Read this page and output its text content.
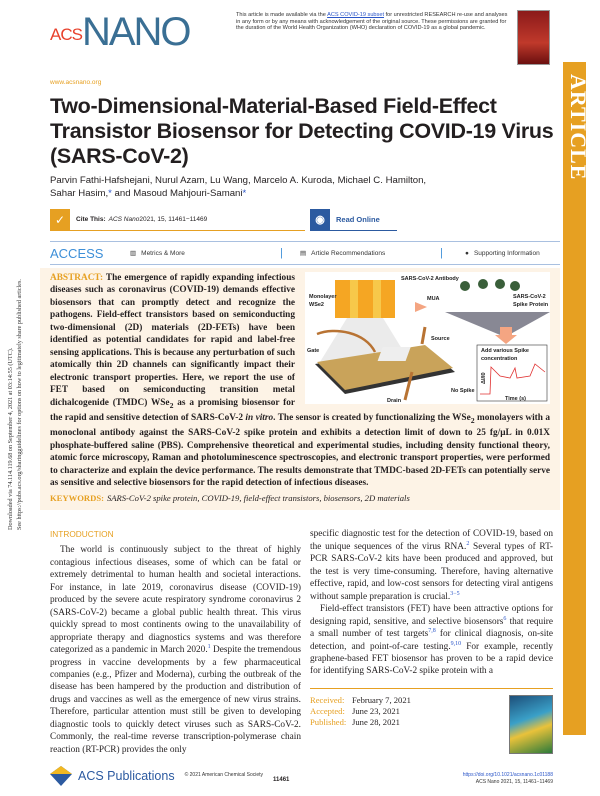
ACSNANO	This article is made available via the ACS COVID-19 subset for unrestricted RESEARCH re-use and analyses in any form or by any means with acknowledgement of the original source. These permissions are granted for the duration of the World Health Organization (WHO) declaration of COVID-19 as a global pandemic.
ARTICLE
Downloaded via 74.114.119.68 on September 4, 2021 at 03:14:55 (UTC). See https://pubs.acs.org/sharingguidelines for options on how to legitimately share published articles.
www.acsnano.org
Two-Dimensional-Material-Based Field-Effect Transistor Biosensor for Detecting COVID-19 Virus (SARS-CoV-2)
Parvin Fathi-Hafshejani, Nurul Azam, Lu Wang, Marcelo A. Kuroda, Michael C. Hamilton,
Sahar Hasim,* and Masoud Mahjouri-Samani*
✓	Cite This: ACS Nano 2021, 15, 11461−11469	◉	Read Online
ACCESS	▥ Metrics & More	|	▤ Article Recommendations	|	● Supporting Information
Monolayer
WSe2
SARS-CoV-2 Antibody
MUA	SARS-CoV-2
Spike Protein
Gate
Source
Drain
Add various Spike
concentration
ΔI/I0
No Spike
Time (s)
ABSTRACT: The emergence of rapidly expanding infectious diseases such as coronavirus (COVID-19) demands effective biosensors that can promptly detect and recognize the pathogens. Field-effect transistors based on semiconducting two-dimensional (2D) materials (2D-FETs) have been identified as potential candidates for rapid and label-free sensing applications. This is because any perturbation of such atomically thin 2D channels can significantly impact their electronic transport properties. Here, we report the use of FET based on semiconducting transition metal dichalcogenide (TMDC) WSe$_2$ as a promising biosensor for the rapid and sensitive detection of SARS-CoV-2 in vitro. The sensor is created by functionalizing the WSe$_2$ monolayers with a monoclonal antibody against the SARS-CoV-2 spike protein and exhibits a detection limit of down to 25 fg/μL in 0.01X phosphate-buffered saline (PBS). Comprehensive theoretical and experimental studies, including density functional theory, atomic force microscopy, Raman and photoluminescence spectroscopies, and electronic transport properties, were performed to characterize and explain the device performance. The results demonstrate that TMDC-based 2D-FETs can potentially serve as sensitive and selective biosensors for the rapid detection of infectious diseases.
KEYWORDS: SARS-CoV-2 spike protein, COVID-19, field-effect transistors, biosensors, 2D materials
INTRODUCTION

The world is continuously subject to the threat of highly contagious infectious diseases, some of which can be fatal or extremely detrimental to human health and societal interactions. For instance, in late 2019, coronavirus disease (COVID-19) produced by the severe acute respiratory syndrome coronavirus 2 (SARS-CoV-2) became a global public health threat. This virus quickly spread to most continents owing to the unavailability of appropriate therapy and diagnostics systems and was therefore categorized as a pandemic in March 2020.$^1$ Despite the tremendous progress in vaccine developments by a few pharmaceutical companies (e.g., Pfizer and Moderna), curbing the outbreak of the disease has been hampered by the production and distribution of drugs and vaccines as well as the emergence of new virus strains. Therefore, particular attention must still be given to developing diagnostic tools to quickly detect viruses such as SARS-CoV-2. Commonly, the real-time reverse transcription-polymerase chain reaction (RT-PCR) provides the only

specific diagnostic test for the detection of COVID-19, based on the unique sequences of the virus RNA.$^2$ Several types of RT-PCR SARS-CoV-2 kits have been produced and approved, but the test is very time-consuming. Therefore, having alternative effective, rapid, and low-cost sensors for detecting viral antigens without sample preparation is crucial.$^{3-5}$

Field-effect transistors (FET) have been attractive options for designing rapid, sensitive, and selective biosensors$^6$ that require a small number of test targets$^{7,8}$ for clinical diagnosis, on-site detection, and point-of-care testing.$^{9,10}$ For example, recently graphene-based FET biosensor has proven to be a rapid device for identifying SARS-CoV-2 spike protein with a

Received: February 7, 2021
Accepted: June 23, 2021
Published: June 28, 2021
ACS Publications © 2021 American Chemical Society
11461
https://doi.org/10.1021/acsnano.1c01188
ACS Nano 2021, 15, 11461−11469
